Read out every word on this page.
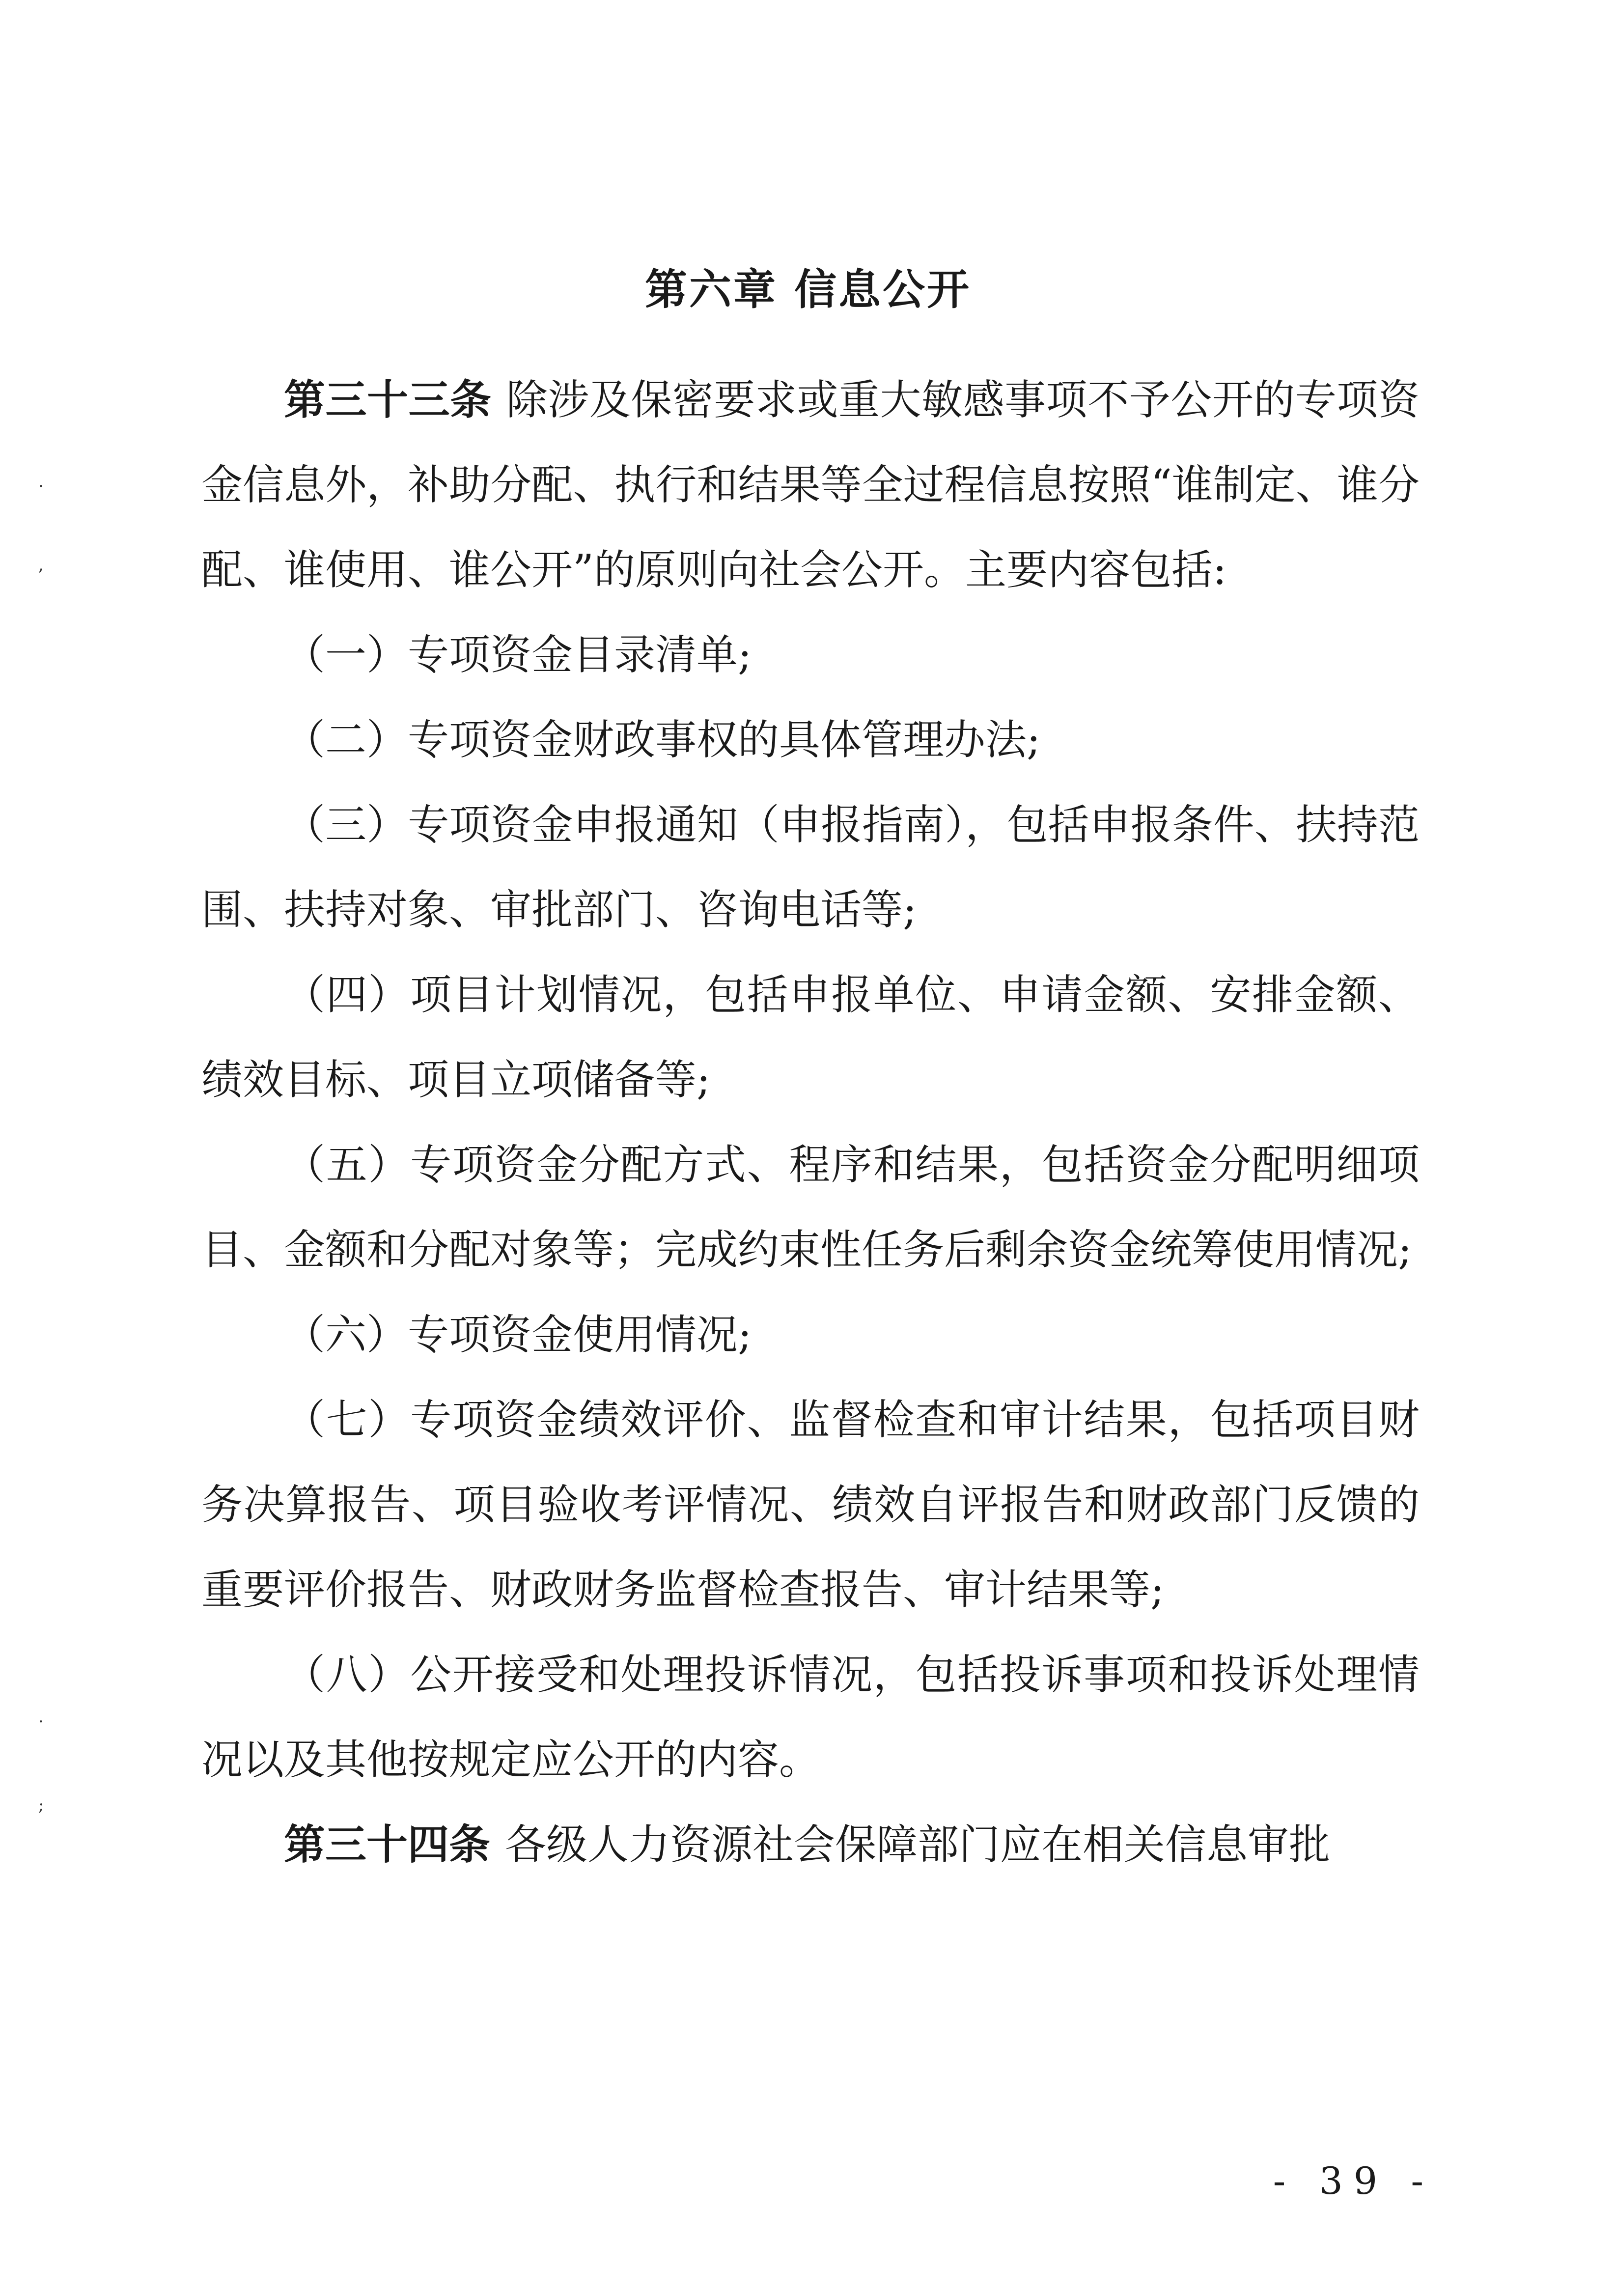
.
,
.
;
第六章 信息公开

第三十三条 除涉及保密要求或重大敏感事项不予公开的专项资金信息外，补助分配、执行和结果等全过程信息按照“谁制定、谁分配、谁使用、谁公开”的原则向社会公开。主要内容包括:

（一）专项资金目录清单;

（二）专项资金财政事权的具体管理办法;

（三）专项资金申报通知（申报指南），包括申报条件、扶持范围、扶持对象、审批部门、咨询电话等;

（四）项目计划情况，包括申报单位、申请金额、安排金额、绩效目标、项目立项储备等;

（五）专项资金分配方式、程序和结果，包括资金分配明细项目、金额和分配对象等；完成约束性任务后剩余资金统筹使用情况;

（六）专项资金使用情况;

（七）专项资金绩效评价、监督检查和审计结果，包括项目财务决算报告、项目验收考评情况、绩效自评报告和财政部门反馈的重要评价报告、财政财务监督检查报告、审计结果等;

（八）公开接受和处理投诉情况，包括投诉事项和投诉处理情况以及其他按规定应公开的内容。

第三十四条 各级人力资源社会保障部门应在相关信息审批

- 39 -
